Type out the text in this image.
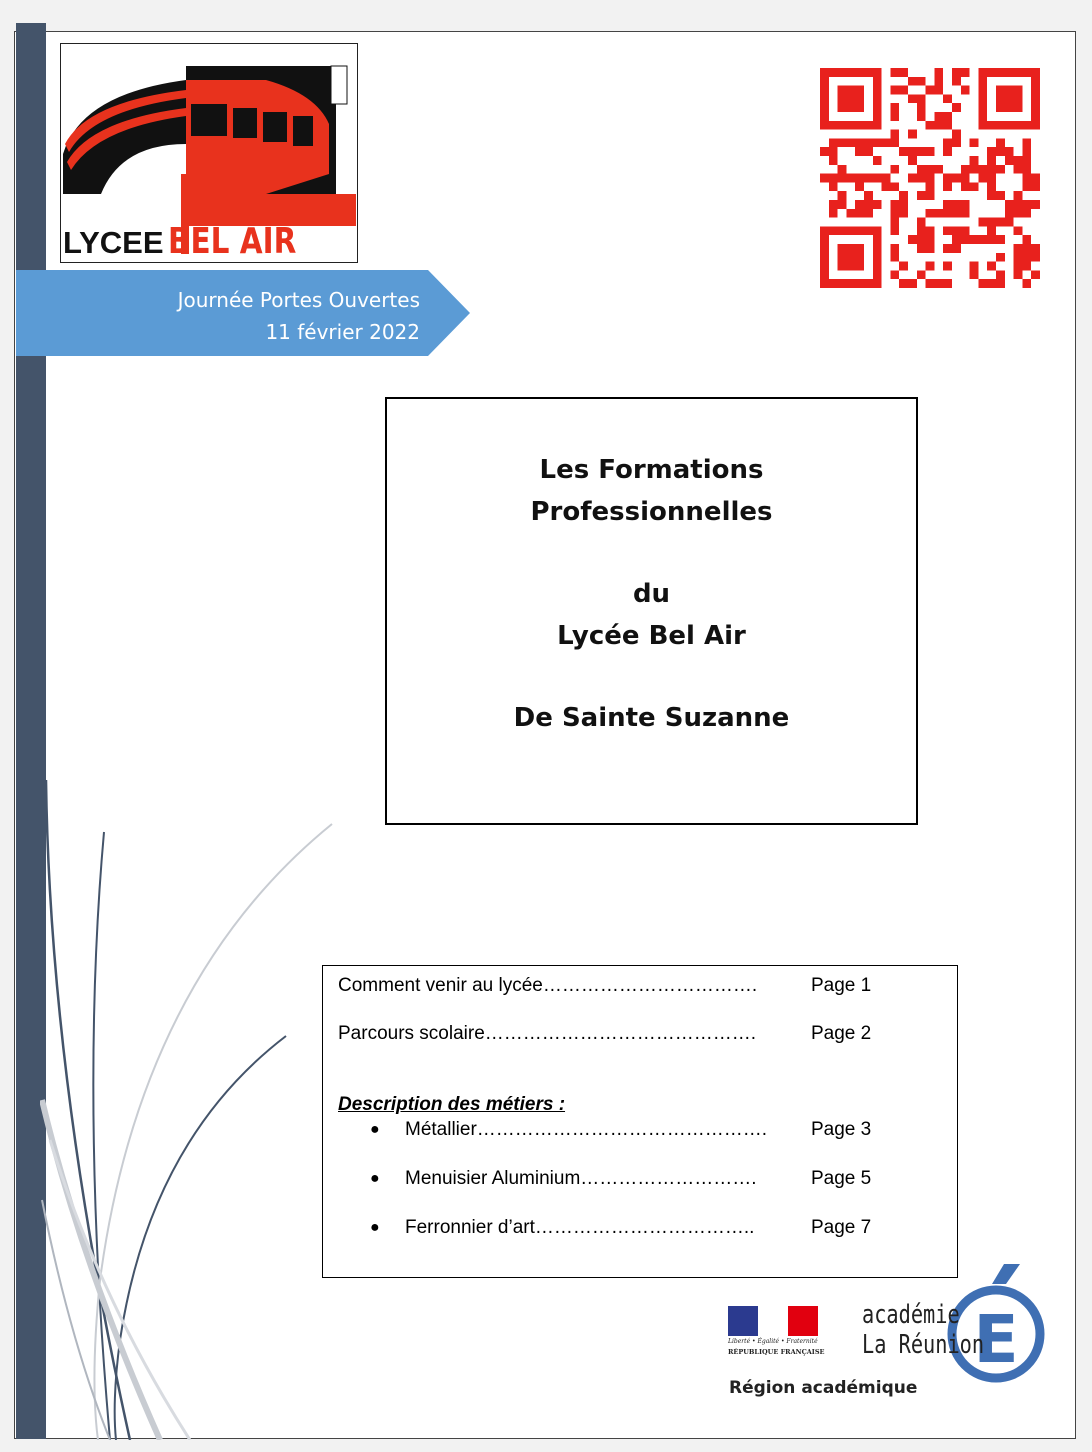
LYCEE BEL AIR
Journée Portes Ouvertes
11 février 2022
Les Formations
Professionnelles
du
Lycée Bel Air
De Sainte Suzanne
Comment venir au lycée…………………………….	Page 1
Parcours scolaire…………………………………….	Page 2
Description des métiers :
● Métallier………………………………………. Page 3
● Menuisier Aluminium……………………….	Page 5
● Ferronnier d’art……………………………..	Page 7
Liberté • Égalité • Fraternité
RÉPUBLIQUE FRANÇAISE E
académie
La Réunion
Région académique
